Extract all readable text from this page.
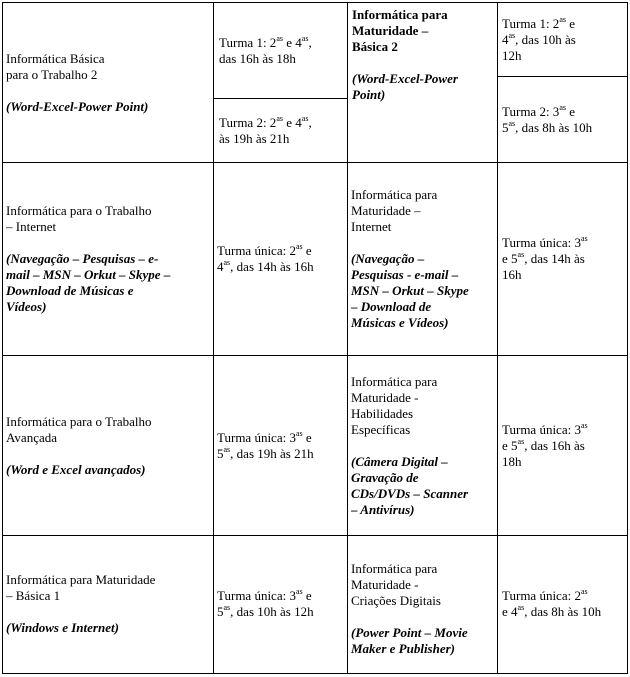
Informática Básica
para o Trabalho 2
(Word-Excel-Power Point)
Turma 1: $2^{as}$ e $4^{as}$,
das 16h às 18h
Turma 2: $2^{as}$ e $4^{as}$,
às 19h às 21h
Informática para
Maturidade –
Básica 2
(Word-Excel-Power
Point)
Turma 1: $2^{as}$ e
$4^{as}$, das 10h às
12h
Turma 2: $3^{as}$ e
$5^{as}$, das 8h às 10h
Informática para o Trabalho
– Internet
(Navegação – Pesquisas – e-
mail – MSN – Orkut – Skype –
Download de Músicas e
Vídeos)
Turma única: $2^{as}$ e
$4^{as}$, das 14h às 16h
Informática para
Maturidade –
Internet
(Navegação –
Pesquisas - e-mail –
MSN – Orkut – Skype
– Download de
Músicas e Vídeos)
Turma única: $3^{as}$
e $5^{as}$, das 14h às
16h
Informática para o Trabalho
Avançada
(Word e Excel avançados)
Turma única: $3^{as}$ e
$5^{as}$, das 19h às 21h
Informática para
Maturidade -
Habilidades
Específicas
(Câmera Digital –
Gravação de
CDs/DVDs – Scanner
– Antivírus)
Turma única: $3^{as}$
e $5^{as}$, das 16h às
18h
Informática para Maturidade
– Básica 1
(Windows e Internet)
Turma única: $3^{as}$ e
$5^{as}$, das 10h às 12h
Informática para
Maturidade -
Criações Digitais
(Power Point – Movie
Maker e Publisher)
Turma única: $2^{as}$
e $4^{as}$, das 8h às 10h
